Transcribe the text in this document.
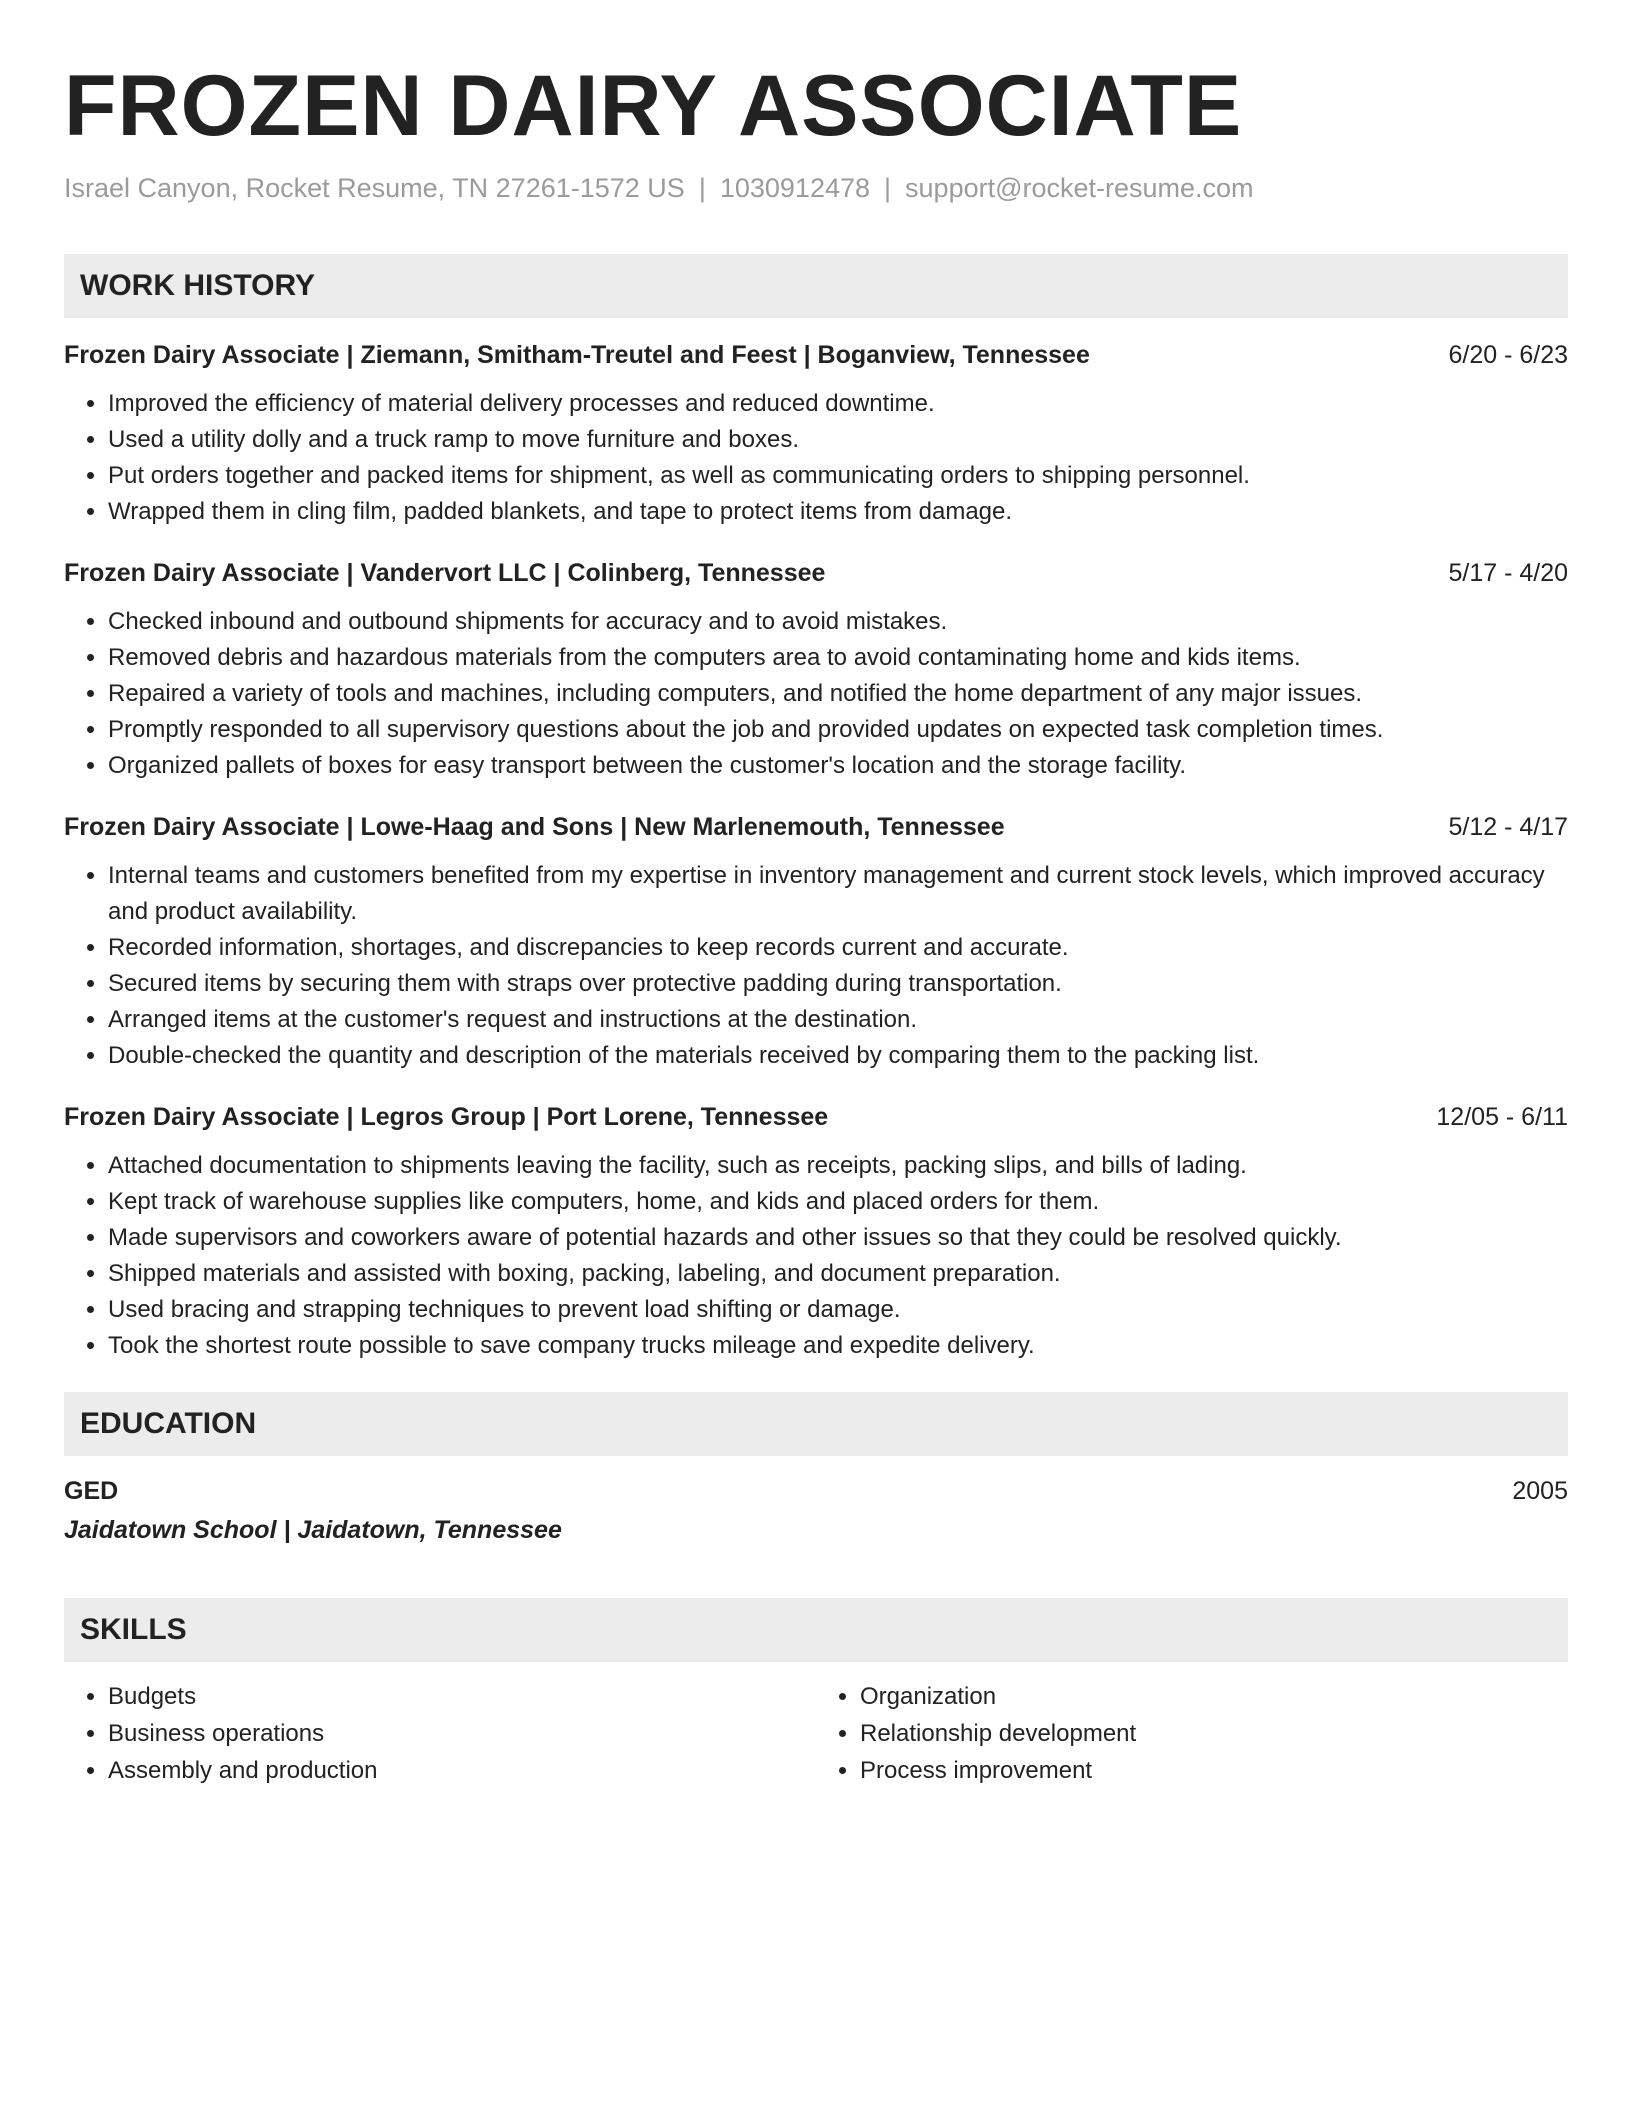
FROZEN DAIRY ASSOCIATE
Israel Canyon, Rocket Resume, TN 27261-1572 US | 1030912478 | support@rocket-resume.com
WORK HISTORY
Frozen Dairy Associate | Ziemann, Smitham-Treutel and Feest | Boganview, Tennessee	6/20 - 6/23
• Improved the efficiency of material delivery processes and reduced downtime.
• Used a utility dolly and a truck ramp to move furniture and boxes.
• Put orders together and packed items for shipment, as well as communicating orders to shipping personnel.
• Wrapped them in cling film, padded blankets, and tape to protect items from damage.
Frozen Dairy Associate | Vandervort LLC | Colinberg, Tennessee	5/17 - 4/20
• Checked inbound and outbound shipments for accuracy and to avoid mistakes.
• Removed debris and hazardous materials from the computers area to avoid contaminating home and kids items.
• Repaired a variety of tools and machines, including computers, and notified the home department of any major issues.
• Promptly responded to all supervisory questions about the job and provided updates on expected task completion times.
• Organized pallets of boxes for easy transport between the customer's location and the storage facility.
Frozen Dairy Associate | Lowe-Haag and Sons | New Marlenemouth, Tennessee	5/12 - 4/17
• Internal teams and customers benefited from my expertise in inventory management and current stock levels, which improved accuracy and product availability.
• Recorded information, shortages, and discrepancies to keep records current and accurate.
• Secured items by securing them with straps over protective padding during transportation.
• Arranged items at the customer's request and instructions at the destination.
• Double-checked the quantity and description of the materials received by comparing them to the packing list.
Frozen Dairy Associate | Legros Group | Port Lorene, Tennessee	12/05 - 6/11
• Attached documentation to shipments leaving the facility, such as receipts, packing slips, and bills of lading.
• Kept track of warehouse supplies like computers, home, and kids and placed orders for them.
• Made supervisors and coworkers aware of potential hazards and other issues so that they could be resolved quickly.
• Shipped materials and assisted with boxing, packing, labeling, and document preparation.
• Used bracing and strapping techniques to prevent load shifting or damage.
• Took the shortest route possible to save company trucks mileage and expedite delivery.
EDUCATION
GED	2005
Jaidatown School | Jaidatown, Tennessee
SKILLS
• Budgets
• Business operations
• Assembly and production
• Organization
• Relationship development
• Process improvement
